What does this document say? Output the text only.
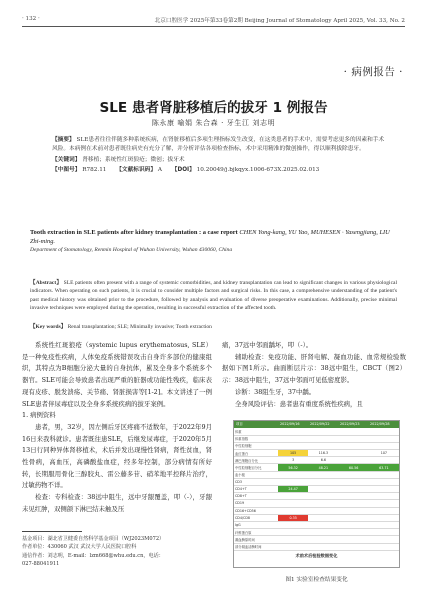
· 132 ·	北京口腔医学 2025年第33卷第2期 Beijing Journal of Stomatology April 2025, Vol. 33, No. 2
· 病例报告 ·
SLE 患者肾脏移植后的拔牙 1 例报告
陈永康 喻娟 朱合森 · 牙生江 刘志明
【摘要】 SLE患者往往伴随多种系统疾病，在肾脏移植后多项生理指标发生改变，在这类患者的手术中，需要考虑更多的因素和手术风险。本病例在术前对患者既往病史有充分了解，并分析评估各项检查指标，术中采用精准的微创操作，得以顺利拔除患牙。
【关键词】 肾移植；系统性红斑狼疮；微创；拔牙术
【中图号】 R782.11 【文献标识码】 A 【DOI】 10.20049/j.bjkqyx.1006-673X.2025.02.013
Tooth extraction in SLE patients after kidney transplantation : a case report CHEN Yong-kang, YU Yao, MUHESEN · Yasengjiang, LIU Zhi-ming.
Department of Stomatology, Renmin Hospital of Wuhan University, Wuhan 430060, China
【Abstract】 SLE patients often present with a range of systemic comorbidities, and kidney transplantation can lead to significant changes in various physiological indicators. When operating on such patients, it is crucial to consider multiple factors and surgical risks. In this case, a comprehensive understanding of the patient's past medical history was obtained prior to the procedure, followed by analysis and evaluation of diverse preoperative examinations. Additionally, precise minimal invasive techniques were employed during the operation, resulting in successful extraction of the affected tooth.
【Key words】 Renal transplantation; SLE; Minimally invasive; Tooth extraction

系统性红斑狼疮（systemic lupus erythematosus, SLE）是一种免疫性疾病，人体免疫系统错误攻击自身许多部位的健康组织，其特点为B细胞分泌大量的自身抗体，累及全身多个系统多个器官。SLE可能会导致患者出现严重的脏器或功能性残疾，临床表现有皮疹、脱发溃疡、关节痛、肾脏损害等[1-2]。本文讲述了一例SLE患者伴尿毒症以及全身多系统疾病的拔牙案例。

1. 病例资料

患者，男，32岁，因左侧后牙区疼痛不适数年，于2022年9月16日来我科就诊。患者既往患SLE，后继发尿毒症，于2020年5月13日行同种异体肾移植术，术后并发出现慢性肾病，肾性贫血，肾性骨病，高血压，高磷酸盐血症，经多年控制，部分病情有所好转，长期服用骨化三醇胶丸、雷公藤多苷、硝苯地平控释片治疗，过敏药物不详。

检查：专科检查：38远中阻生，远中牙龈覆盖，叩（-），牙龈未见红肿，双侧颌下淋巴结未触及压

痛，37远中邻面龋坏，叩（-）。

辅助检查：免疫功能、肝肾电解、凝血功能、血常规检验数据如下图1所示。曲面断层片示：38远中阻生，CBCT（图2）示：38远中阻生，37远中邻面可见低密度影。

诊断：38阻生牙，37中龋。

全身风险评估：患者患有重度系统性疾病，且

项目	2022/09/16	2022/09/22	2022/09/23	2022/09/28
体重				
体重指数				
中性粒细胞				
血红蛋白	105	116.3		107
淋巴细胞百分比	3	6.6		
中性粒细胞百分比	56.32	48.21	60.56	63.71
血小板				
CD3				
CD4+T	24.47			
CD8+T				
CD19				
CD16+CD56				
CD4/CD8	0.35			
IgG				
纤维蛋白原				
凝血酶原时间				
部分凝血活酶时间				
术前术后检验数据变化
图1 实验室检查结果变化
基金项目：湖北省卫健委自然科学基金项目（WJ2023M072）
作者单位：430060 武汉 武汉大学人民医院口腔科
通信作者：刘志明，E-mail：lzm668@whu.edu.cn，电话：
027-88041911
